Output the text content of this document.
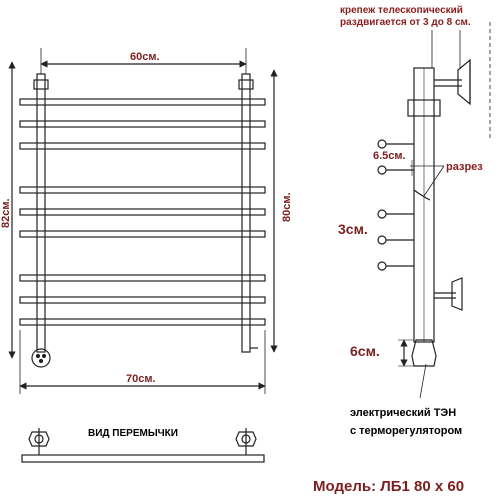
60см.
70см.
82см.	80см.
ВИД ПЕРЕМЫЧКИ
крепеж телескопический
раздвигается от 3 до 8 см.
6.5см.
разрез
3см.
6см.
электрический ТЭН
с терморегулятором
Модель: ЛБ1 80 х 60
